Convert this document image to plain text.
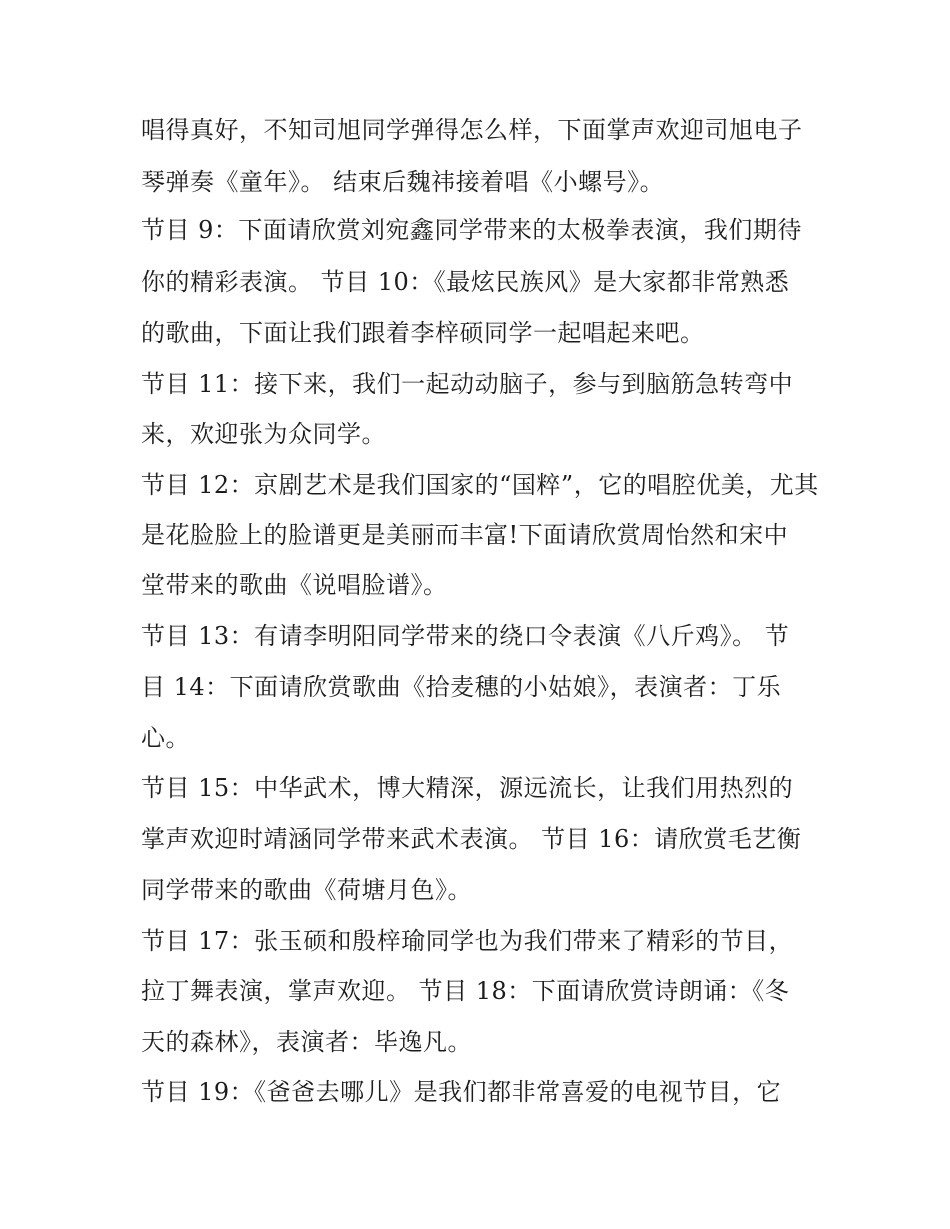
唱得真好，不知司旭同学弹得怎么样，下面掌声欢迎司旭电子
琴弹奏《童年》。 结束后魏祎接着唱《小螺号》。
节目 9：下面请欣赏刘宛鑫同学带来的太极拳表演，我们期待
你的精彩表演。 节目 10：《最炫民族风》是大家都非常熟悉
的歌曲，下面让我们跟着李梓硕同学一起唱起来吧。
节目 11：接下来，我们一起动动脑子，参与到脑筋急转弯中
来，欢迎张为众同学。
节目 12：京剧艺术是我们国家的“国粹”，它的唱腔优美，尤其
是花脸脸上的脸谱更是美丽而丰富!下面请欣赏周怡然和宋中
堂带来的歌曲《说唱脸谱》。
节目 13：有请李明阳同学带来的绕口令表演《八斤鸡》。 节
目 14：下面请欣赏歌曲《拾麦穗的小姑娘》，表演者：丁乐
心。
节目 15：中华武术，博大精深，源远流长，让我们用热烈的
掌声欢迎时靖涵同学带来武术表演。 节目 16：请欣赏毛艺衡
同学带来的歌曲《荷塘月色》。
节目 17：张玉硕和殷梓瑜同学也为我们带来了精彩的节目，
拉丁舞表演，掌声欢迎。 节目 18：下面请欣赏诗朗诵：《冬
天的森林》，表演者：毕逸凡。
节目 19：《爸爸去哪儿》是我们都非常喜爱的电视节目，它
